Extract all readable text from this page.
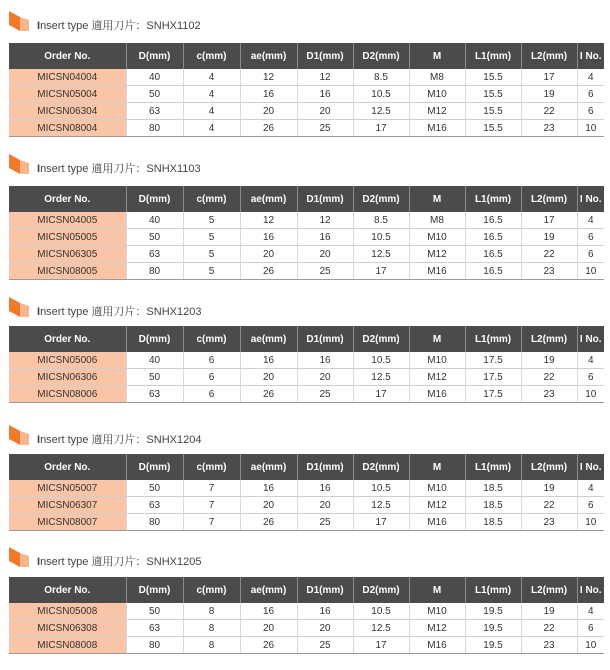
Insert type 適用刀片：SNHX1102
Order No.	D(mm)	c(mm)	ae(mm)	D1(mm)	D2(mm)	M	L1(mm)	L2(mm)	I No.
MICSN04004	40	4	12	12	8.5	M8	15.5	17	4
MICSN05004	50	4	16	16	10.5	M10	15.5	19	6
MICSN06304	63	4	20	20	12.5	M12	15.5	22	6
MICSN08004	80	4	26	25	17	M16	15.5	23	10
Insert type 適用刀片：SNHX1103
Order No.	D(mm)	c(mm)	ae(mm)	D1(mm)	D2(mm)	M	L1(mm)	L2(mm)	I No.
MICSN04005	40	5	12	12	8.5	M8	16.5	17	4
MICSN05005	50	5	16	16	10.5	M10	16.5	19	6
MICSN06305	63	5	20	20	12.5	M12	16.5	22	6
MICSN08005	80	5	26	25	17	M16	16.5	23	10
Insert type 適用刀片：SNHX1203
Order No.	D(mm)	c(mm)	ae(mm)	D1(mm)	D2(mm)	M	L1(mm)	L2(mm)	I No.
MICSN05006	40	6	16	16	10.5	M10	17.5	19	4
MICSN06306	50	6	20	20	12.5	M12	17.5	22	6
MICSN08006	63	6	26	25	17	M16	17.5	23	10
Insert type 適用刀片：SNHX1204
Order No.	D(mm)	c(mm)	ae(mm)	D1(mm)	D2(mm)	M	L1(mm)	L2(mm)	I No.
MICSN05007	50	7	16	16	10.5	M10	18.5	19	4
MICSN06307	63	7	20	20	12.5	M12	18.5	22	6
MICSN08007	80	7	26	25	17	M16	18.5	23	10
Insert type 適用刀片：SNHX1205
Order No.	D(mm)	c(mm)	ae(mm)	D1(mm)	D2(mm)	M	L1(mm)	L2(mm)	I No.
MICSN05008	50	8	16	16	10.5	M10	19.5	19	4
MICSN06308	63	8	20	20	12.5	M12	19.5	22	6
MICSN08008	80	8	26	25	17	M16	19.5	23	10
